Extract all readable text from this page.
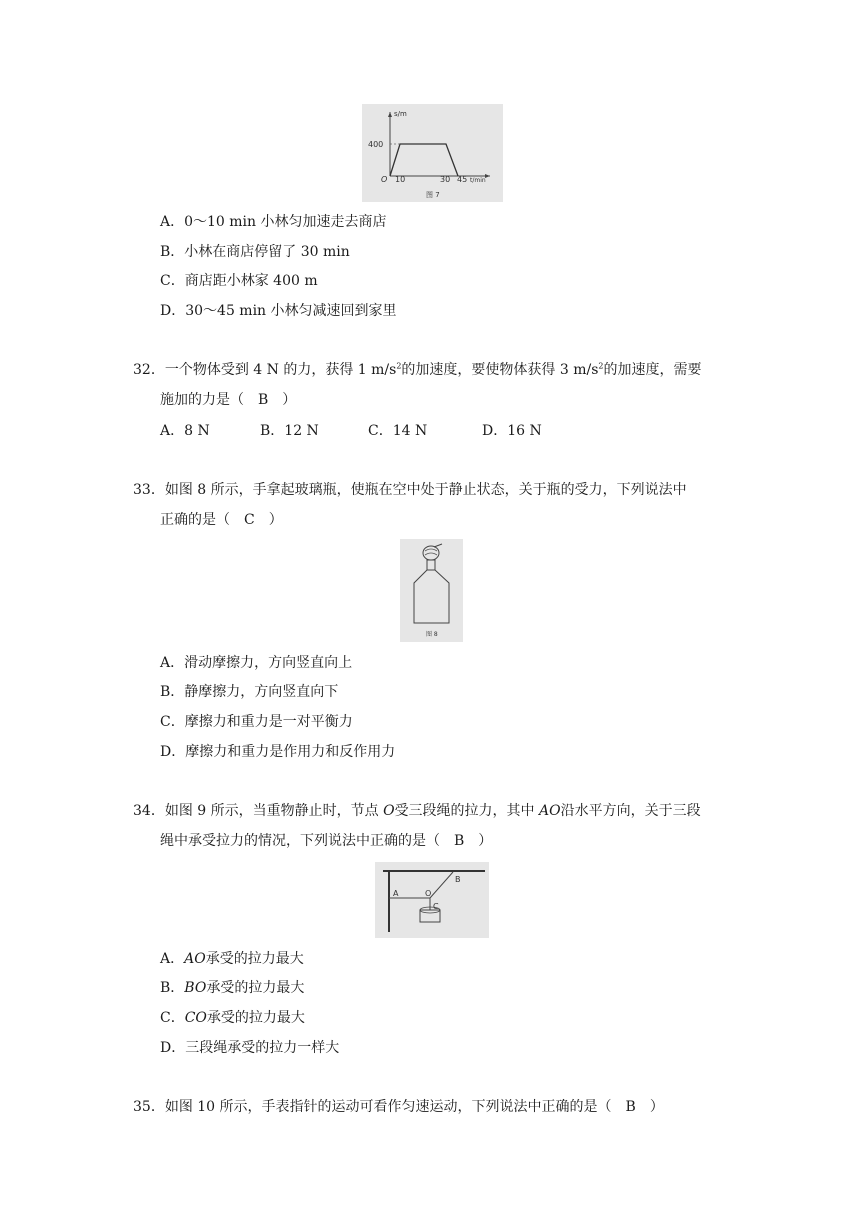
s/m
400
O 10	30 45 t/min
图 7
A．0～10 min 小林匀加速走去商店
B．小林在商店停留了 30 min
C．商店距小林家 400 m
D．30～45 min 小林匀减速回到家里
32．一个物体受到 4 N 的力，获得 1 $m/s^2$的加速度，要使物体获得 3 $m/s^2$的加速度，需要
施加的力是（　B　）
A．8 N	B．12 N	C．14 N	D．16 N
33．如图 8 所示，手拿起玻璃瓶，使瓶在空中处于静止状态，关于瓶的受力，下列说法中
正确的是（　C　）
图 8
A．滑动摩擦力，方向竖直向上
B．静摩擦力，方向竖直向下
C．摩擦力和重力是一对平衡力
D．摩擦力和重力是作用力和反作用力
34．如图 9 所示，当重物静止时，节点 O受三段绳的拉力，其中 AO沿水平方向，关于三段
绳中承受拉力的情况，下列说法中正确的是（　B　）
A	O
B
C
A．AO承受的拉力最大
B．BO承受的拉力最大
C．CO承受的拉力最大
D．三段绳承受的拉力一样大
35．如图 10 所示，手表指针的运动可看作匀速运动，下列说法中正确的是（　B　）
